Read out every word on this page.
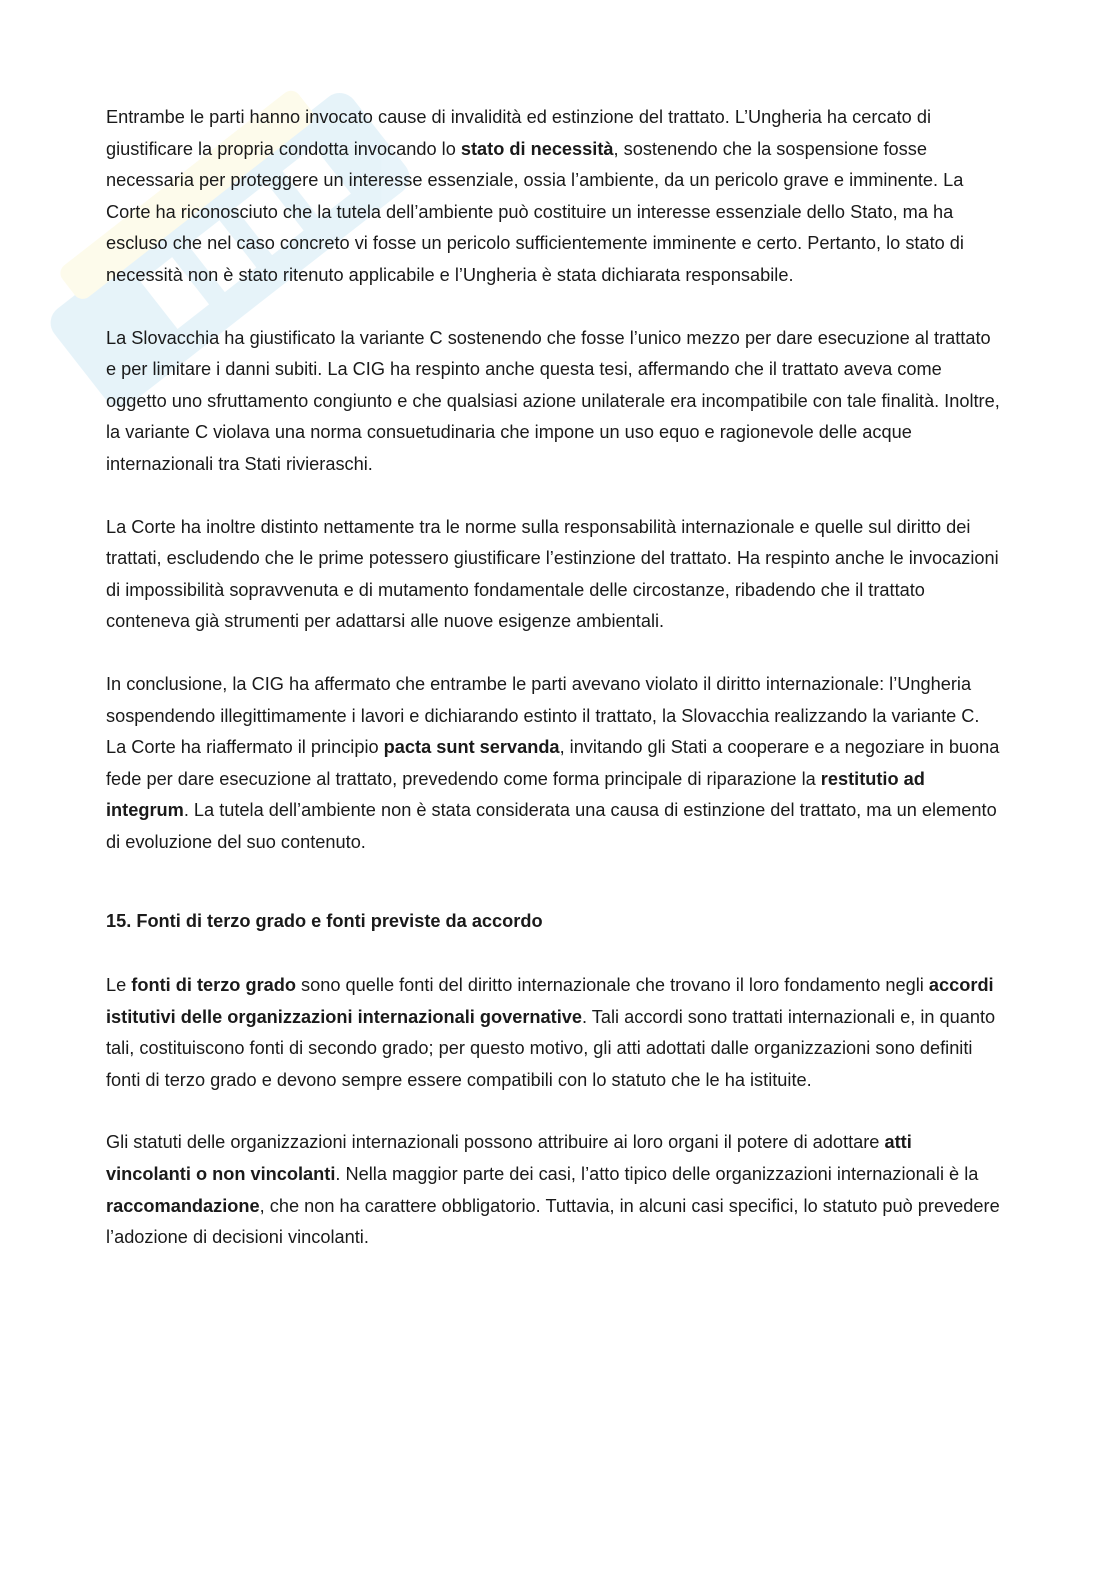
Entrambe le parti hanno invocato cause di invalidità ed estinzione del trattato. L’Ungheria ha cercato di giustificare la propria condotta invocando lo stato di necessità, sostenendo che la sospensione fosse necessaria per proteggere un interesse essenziale, ossia l’ambiente, da un pericolo grave e imminente. La Corte ha riconosciuto che la tutela dell’ambiente può costituire un interesse essenziale dello Stato, ma ha escluso che nel caso concreto vi fosse un pericolo sufficientemente imminente e certo. Pertanto, lo stato di necessità non è stato ritenuto applicabile e l’Ungheria è stata dichiarata responsabile.

La Slovacchia ha giustificato la variante C sostenendo che fosse l’unico mezzo per dare esecuzione al trattato e per limitare i danni subiti. La CIG ha respinto anche questa tesi, affermando che il trattato aveva come oggetto uno sfruttamento congiunto e che qualsiasi azione unilaterale era incompatibile con tale finalità. Inoltre, la variante C violava una norma consuetudinaria che impone un uso equo e ragionevole delle acque internazionali tra Stati rivieraschi.

La Corte ha inoltre distinto nettamente tra le norme sulla responsabilità internazionale e quelle sul diritto dei trattati, escludendo che le prime potessero giustificare l’estinzione del trattato. Ha respinto anche le invocazioni di impossibilità sopravvenuta e di mutamento fondamentale delle circostanze, ribadendo che il trattato conteneva già strumenti per adattarsi alle nuove esigenze ambientali.

In conclusione, la CIG ha affermato che entrambe le parti avevano violato il diritto internazionale: l’Ungheria sospendendo illegittimamente i lavori e dichiarando estinto il trattato, la Slovacchia realizzando la variante C. La Corte ha riaffermato il principio pacta sunt servanda, invitando gli Stati a cooperare e a negoziare in buona fede per dare esecuzione al trattato, prevedendo come forma principale di riparazione la restitutio ad integrum. La tutela dell’ambiente non è stata considerata una causa di estinzione del trattato, ma un elemento di evoluzione del suo contenuto.

15. Fonti di terzo grado e fonti previste da accordo

Le fonti di terzo grado sono quelle fonti del diritto internazionale che trovano il loro fondamento negli accordi istitutivi delle organizzazioni internazionali governative. Tali accordi sono trattati internazionali e, in quanto tali, costituiscono fonti di secondo grado; per questo motivo, gli atti adottati dalle organizzazioni sono definiti fonti di terzo grado e devono sempre essere compatibili con lo statuto che le ha istituite.

Gli statuti delle organizzazioni internazionali possono attribuire ai loro organi il potere di adottare atti vincolanti o non vincolanti. Nella maggior parte dei casi, l’atto tipico delle organizzazioni internazionali è la raccomandazione, che non ha carattere obbligatorio. Tuttavia, in alcuni casi specifici, lo statuto può prevedere l’adozione di decisioni vincolanti.
